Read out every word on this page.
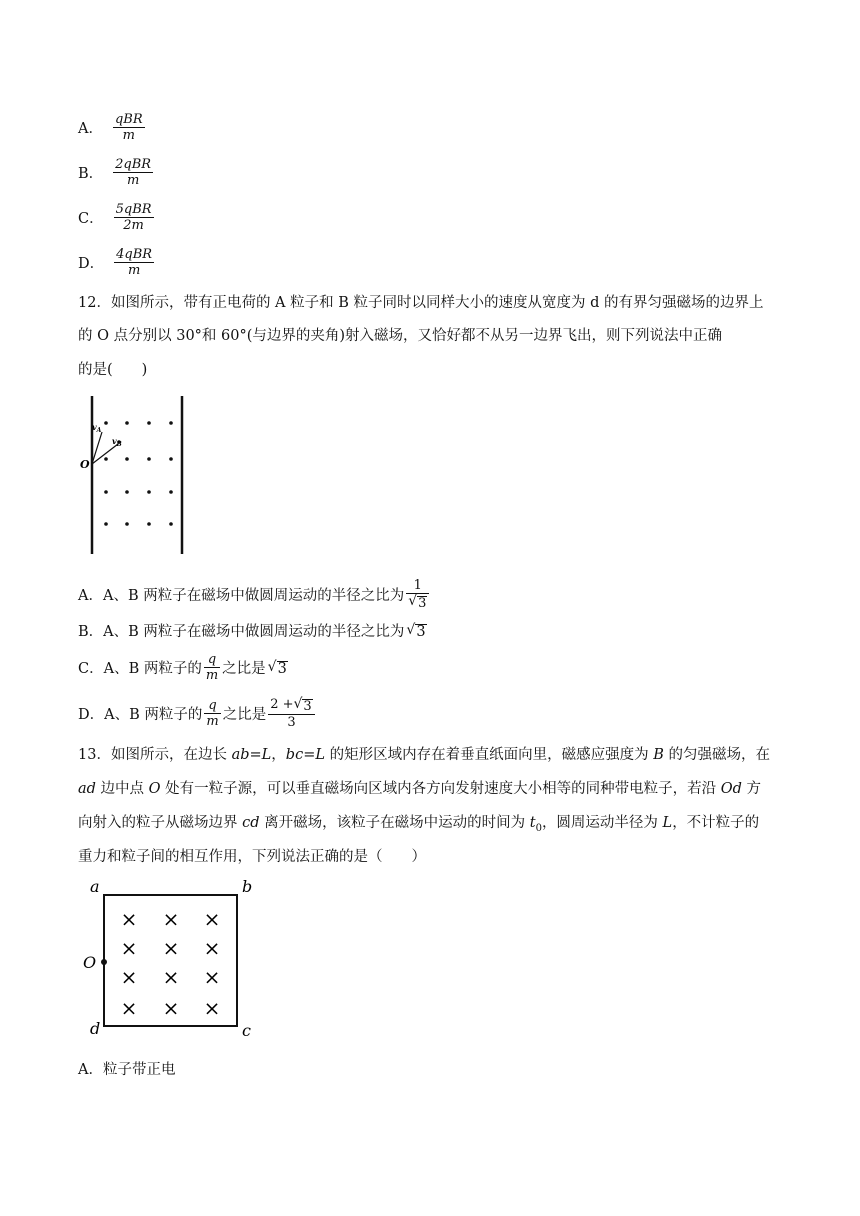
A． $\frac{\text{qBR}}{m}$
B． $\frac{\text{2qBR}}{m}$
C． $\frac{\text{5qBR}}{2m}$
D． $\frac{\text{4qBR}}{m}$
12．如图所示，带有正电荷的 A 粒子和 B 粒子同时以同样大小的速度从宽度为 d 的有界匀强磁场的边界上
的 O 点分别以 30°和 60°(与边界的夹角)射入磁场，又恰好都不从另一边界飞出，则下列说法中正确
的是(　　)
$v_A$
$v_B$
O
A．A、B 两粒子在磁场中做圆周运动的半径之比为 $\frac{1}{√ 3}$
B．A、B 两粒子在磁场中做圆周运动的半径之比为 √ 3
C．A、B 两粒子的 $\frac{q}{m}$ 之比是 √ 3
D．A、B 两粒子的 $\frac{q}{m}$ 之比是 $\frac{2 + √ 3}{3}$
13．如图所示，在边长 ab=L，bc=L 的矩形区域内存在着垂直纸面向里，磁感应强度为 B 的匀强磁场，在
ad 边中点 O 处有一粒子源，可以垂直磁场向区域内各方向发射速度大小相等的同种带电粒子，若沿 Od 方
向射入的粒子从磁场边界 cd 离开磁场，该粒子在磁场中运动的时间为 $t_0$，圆周运动半径为 L，不计粒子的
重力和粒子间的相互作用，下列说法正确的是（　　）
a	b
d	c
O
× × ×
× × ×
× × ×
× × ×
A．粒子带正电
